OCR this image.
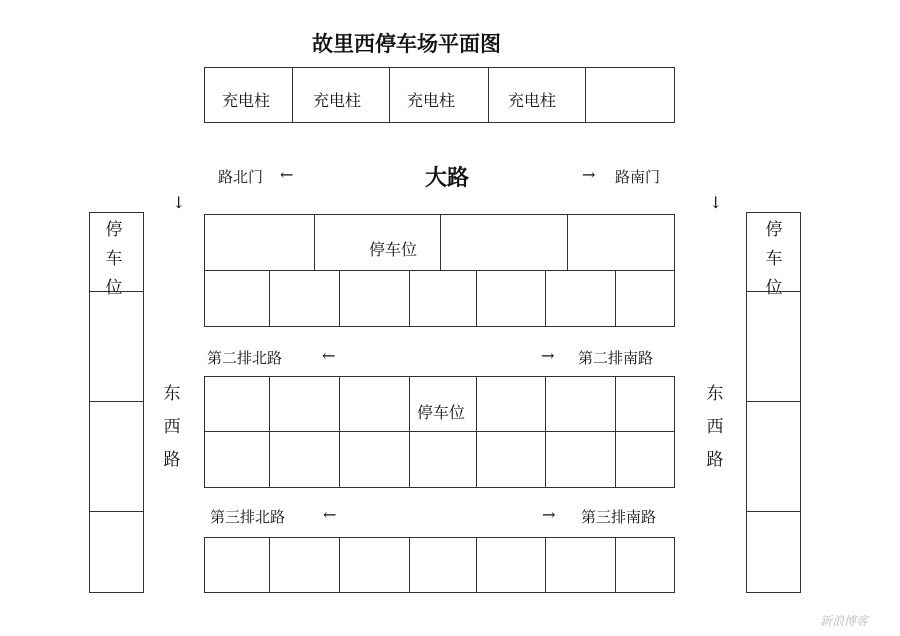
故里西停车场平面图
充电柱	充电柱	充电柱	充电柱
路北门 ←	大路	→ 路南门
↓	↓
停车位
第二排北路 ←	→ 第二排南路
停车位
第三排北路 ←	→ 第三排南路
停
车
位
停
车
位
东
西
路
东
西
路
新浪博客
